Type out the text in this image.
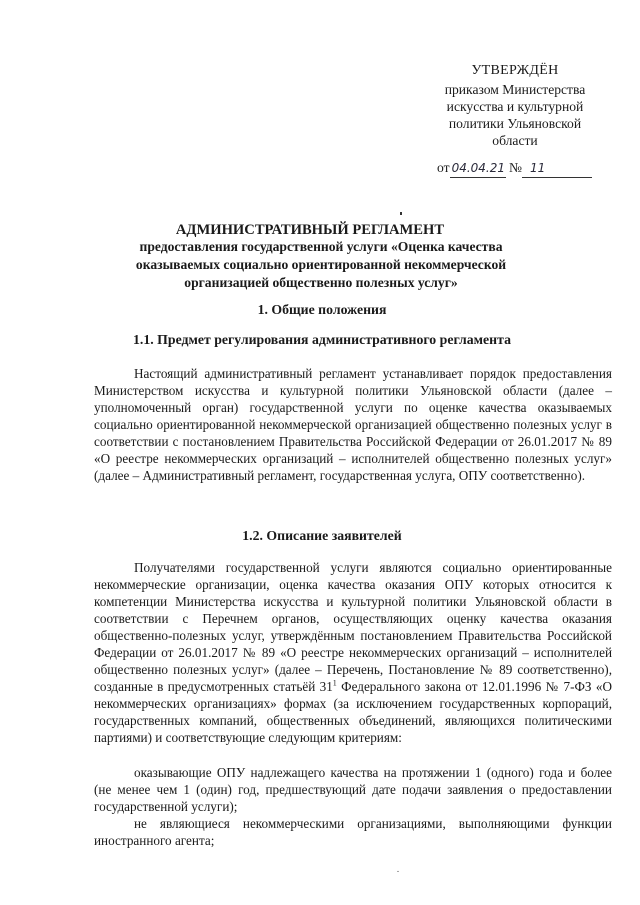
УТВЕРЖДЁН
приказом Министерства
искусства и культурной
политики Ульяновской
области
от 04.04.21 № 11
АДМИНИСТРАТИВНЫЙ РЕГЛАМЕНТ
предоставления государственной услуги «Оценка качества оказываемых социально ориентированной некоммерческой организацией общественно полезных услуг»
1. Общие положения
1.1. Предмет регулирования административного регламента
Настоящий административный регламент устанавливает порядок предоставления Министерством искусства и культурной политики Ульяновской области (далее – уполномоченный орган) государственной услуги по оценке качества оказываемых социально ориентированной некоммерческой организацией общественно полезных услуг в соответствии с постановлением Правительства Российской Федерации от 26.01.2017 № 89 «О реестре некоммерческих организаций – исполнителей общественно полезных услуг» (далее – Административный регламент, государственная услуга, ОПУ соответственно).
1.2. Описание заявителей
Получателями государственной услуги являются социально ориентированные некоммерческие организации, оценка качества оказания ОПУ которых относится к компетенции Министерства искусства и культурной политики Ульяновской области в соответствии с Перечнем органов, осуществляющих оценку качества оказания общественно-полезных услуг, утверждённым постановлением Правительства Российской Федерации от 26.01.2017 № 89 «О реестре некоммерческих организаций – исполнителей общественно полезных услуг» (далее – Перечень, Постановление № 89 соответственно), созданные в предусмотренных статьёй $31^1$ Федерального закона от 12.01.1996 № 7-ФЗ «О некоммерческих организациях» формах (за исключением государственных корпораций, государственных компаний, общественных объединений, являющихся политическими партиями) и соответствующие следующим критериям:
оказывающие ОПУ надлежащего качества на протяжении 1 (одного) года и более (не менее чем 1 (один) год, предшествующий дате подачи заявления о предоставлении государственной услуги);
не являющиеся некоммерческими организациями, выполняющими функции иностранного агента;
.
